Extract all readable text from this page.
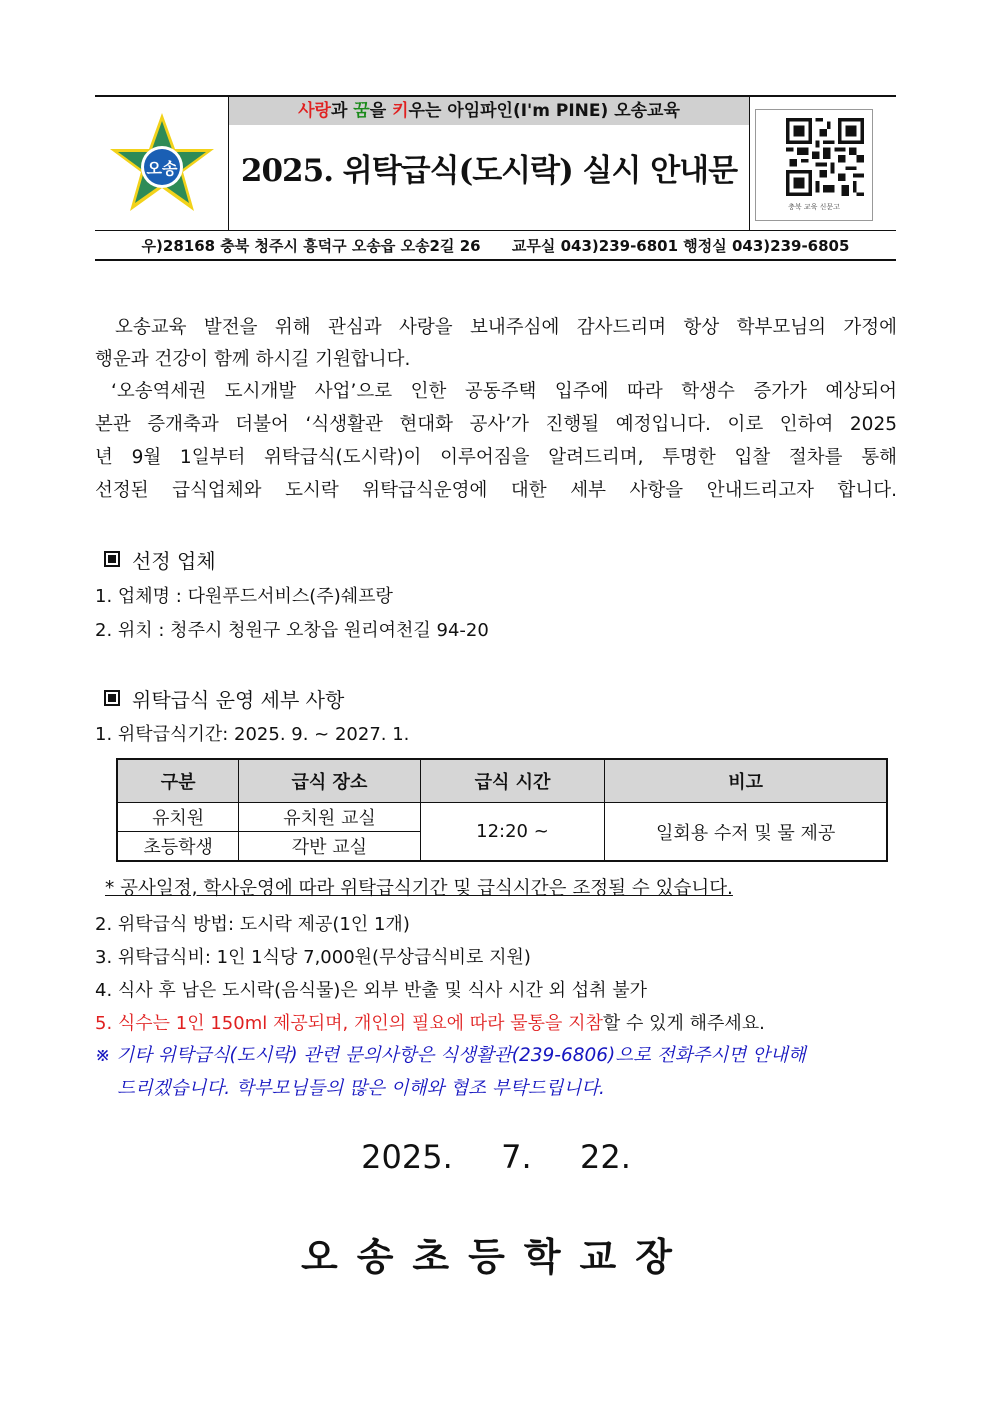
오송
사랑과 꿈을 키우는 아임파인(I'm PINE) 오송교육
2025. 위탁급식(도시락) 실시 안내문
충북 교육 신문고
우)28168 충북 청주시 흥덕구 오송읍 오송2길 26      교무실 043)239-6801 행정실 043)239-6805
오송교육 발전을 위해 관심과 사랑을 보내주심에 감사드리며 항상 학부모님의 가정에
행운과 건강이 함께 하시길 기원합니다.
‘오송역세권 도시개발 사업’으로 인한 공동주택 입주에 따라 학생수 증가가 예상되어
본관 증개축과 더불어 ‘식생활관 현대화 공사’가 진행될 예정입니다. 이로 인하여 2025
년 9월 1일부터 위탁급식(도시락)이 이루어짐을 알려드리며, 투명한 입찰 절차를 통해
선정된 급식업체와 도시락 위탁급식운영에 대한 세부 사항을 안내드리고자 합니다.
선정 업체
1. 업체명 : 다원푸드서비스(주)쉐프랑
2. 위치 : 청주시 청원구 오창읍 원리여천길 94-20
위탁급식 운영 세부 사항
1. 위탁급식기간: 2025. 9. ~ 2027. 1.
구분	급식 장소	급식 시간	비고
유치원	유치원 교실	12:20 ~	일회용 수저 및 물 제공
초등학생	각반 교실		
* 공사일정, 학사운영에 따라 위탁급식기간 및 급식시간은 조정될 수 있습니다.
2. 위탁급식 방법: 도시락 제공(1인 1개)
3. 위탁급식비: 1인 1식당 7,000원(무상급식비로 지원)
4. 식사 후 남은 도시락(음식물)은 외부 반출 및 식사 시간 외 섭취 불가
5. 식수는 1인 150ml 제공되며, 개인의 필요에 따라 물통을 지참할 수 있게 해주세요.
※ 기타 위탁급식(도시락) 관련 문의사항은 식생활관(239-6806)으로 전화주시면 안내해
드리겠습니다. 학부모님들의 많은 이해와 협조 부탁드립니다.
2025.  7.  22.
오송초등학교장
